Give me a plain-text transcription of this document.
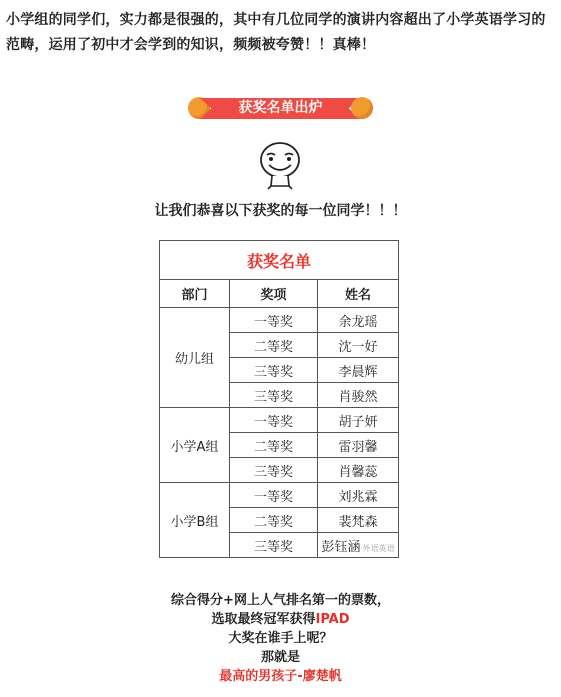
小学组的同学们，实力都是很强的，其中有几位同学的演讲内容超出了小学英语学习的范畴，运用了初中才会学到的知识，频频被夸赞！！真棒！
获奖名单出炉
让我们恭喜以下获奖的每一位同学！！！
获奖名单		
部门	奖项	姓名
幼儿组	一等奖	余龙瑶
	二等奖	沈一好
	三等奖	李晨辉
	三等奖	肖骏然
小学A组	一等奖	胡子妍
	二等奖	雷羽馨
	三等奖	肖馨蕊
小学B组	一等奖	刘兆霖
	二等奖	裴梵森
	三等奖	彭钰涵 外语英语
综合得分+网上人气排名第一的票数，
选取最终冠军获得IPAD
大奖在谁手上呢？
那就是
最高的男孩子-廖楚帆
